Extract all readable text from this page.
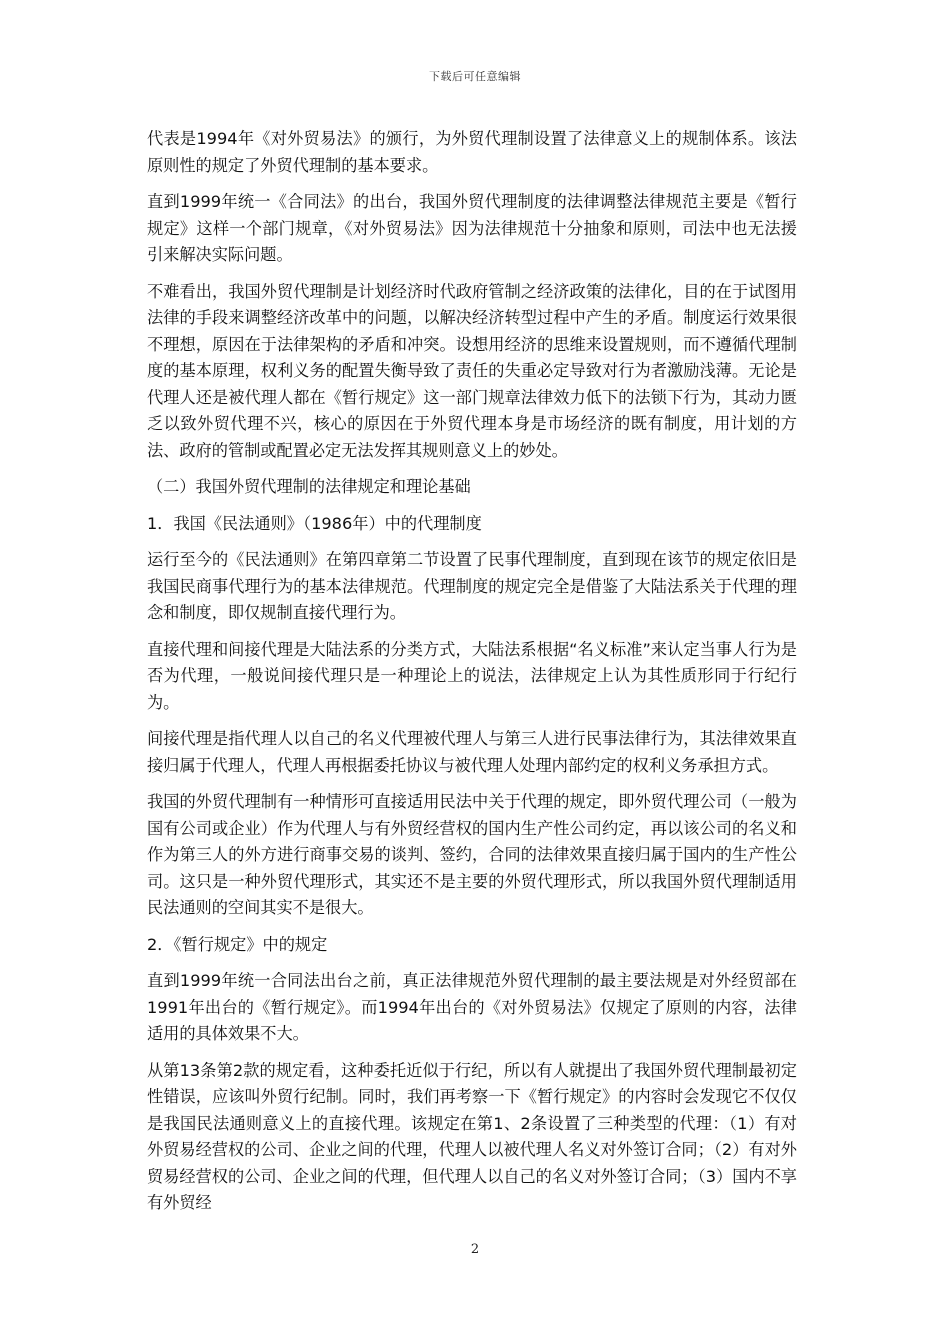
下载后可任意编辑

代表是1994年《对外贸易法》的颁行，为外贸代理制设置了法律意义上的规制体系。该法原则性的规定了外贸代理制的基本要求。

直到1999年统一《合同法》的出台，我国外贸代理制度的法律调整法律规范主要是《暂行规定》这样一个部门规章，《对外贸易法》因为法律规范十分抽象和原则，司法中也无法援引来解决实际问题。

不难看出，我国外贸代理制是计划经济时代政府管制之经济政策的法律化，目的在于试图用法律的手段来调整经济改革中的问题，以解决经济转型过程中产生的矛盾。制度运行效果很不理想，原因在于法律架构的矛盾和冲突。设想用经济的思维来设置规则，而不遵循代理制度的基本原理，权利义务的配置失衡导致了责任的失重必定导致对行为者激励浅薄。无论是代理人还是被代理人都在《暂行规定》这一部门规章法律效力低下的法锁下行为，其动力匮乏以致外贸代理不兴，核心的原因在于外贸代理本身是市场经济的既有制度，用计划的方法、政府的管制或配置必定无法发挥其规则意义上的妙处。

（二）我国外贸代理制的法律规定和理论基础

1．我国《民法通则》（1986年）中的代理制度

运行至今的《民法通则》在第四章第二节设置了民事代理制度，直到现在该节的规定依旧是我国民商事代理行为的基本法律规范。代理制度的规定完全是借鉴了大陆法系关于代理的理念和制度，即仅规制直接代理行为。

直接代理和间接代理是大陆法系的分类方式，大陆法系根据“名义标准”来认定当事人行为是否为代理，一般说间接代理只是一种理论上的说法，法律规定上认为其性质形同于行纪行为。

间接代理是指代理人以自己的名义代理被代理人与第三人进行民事法律行为，其法律效果直接归属于代理人，代理人再根据委托协议与被代理人处理内部约定的权利义务承担方式。

我国的外贸代理制有一种情形可直接适用民法中关于代理的规定，即外贸代理公司（一般为国有公司或企业）作为代理人与有外贸经营权的国内生产性公司约定，再以该公司的名义和作为第三人的外方进行商事交易的谈判、签约，合同的法律效果直接归属于国内的生产性公司。这只是一种外贸代理形式，其实还不是主要的外贸代理形式，所以我国外贸代理制适用民法通则的空间其实不是很大。

2．《暂行规定》中的规定

直到1999年统一合同法出台之前，真正法律规范外贸代理制的最主要法规是对外经贸部在1991年出台的《暂行规定》。而1994年出台的《对外贸易法》仅规定了原则的内容，法律适用的具体效果不大。

从第13条第2款的规定看，这种委托近似于行纪，所以有人就提出了我国外贸代理制最初定性错误，应该叫外贸行纪制。同时，我们再考察一下《暂行规定》的内容时会发现它不仅仅是我国民法通则意义上的直接代理。该规定在第1、2条设置了三种类型的代理：（1）有对外贸易经营权的公司、企业之间的代理，代理人以被代理人名义对外签订合同；（2）有对外贸易经营权的公司、企业之间的代理，但代理人以自己的名义对外签订合同；（3）国内不享有外贸经

2
